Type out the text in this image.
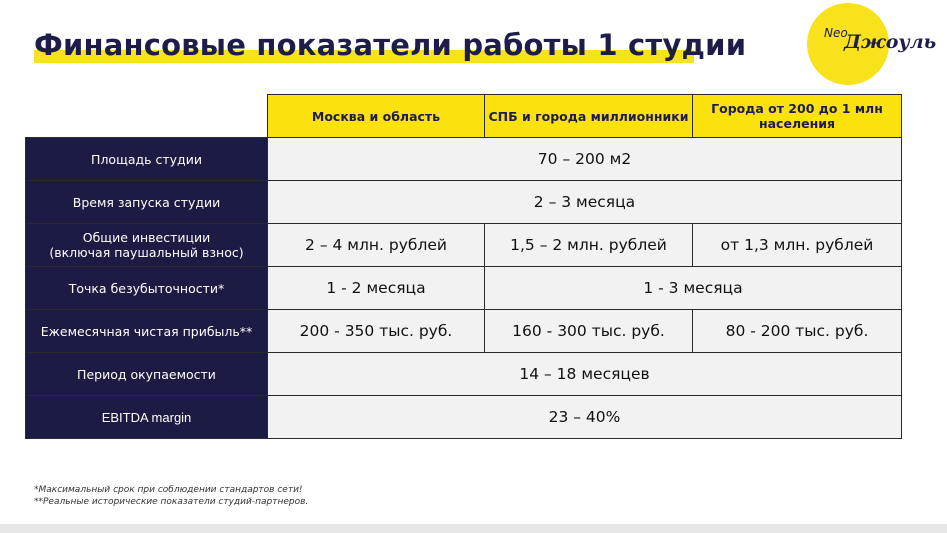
Финансовые показатели работы 1 студии	Neo
Джоуль
	Москва и область	СПБ и города миллионники	Города от 200 до 1 млн населения
Площадь студии	70 – 200 м2		
Время запуска студии	2 – 3 месяца		
Общие инвестиции
(включая паушальный взнос)	2 – 4 млн. рублей	1,5 – 2 млн. рублей	от 1,3 млн. рублей
Точка безубыточности*	1 - 2 месяца	1 - 3 месяца	
Ежемесячная чистая прибыль**	200 - 350 тыс. руб.	160 - 300 тыс. руб.	80 - 200 тыс. руб.
Период окупаемости	14 – 18 месяцев		
EBITDA margin	23 – 40%		
*Максимальный срок при соблюдении стандартов сети!
**Реальные исторические показатели студий-партнеров.
